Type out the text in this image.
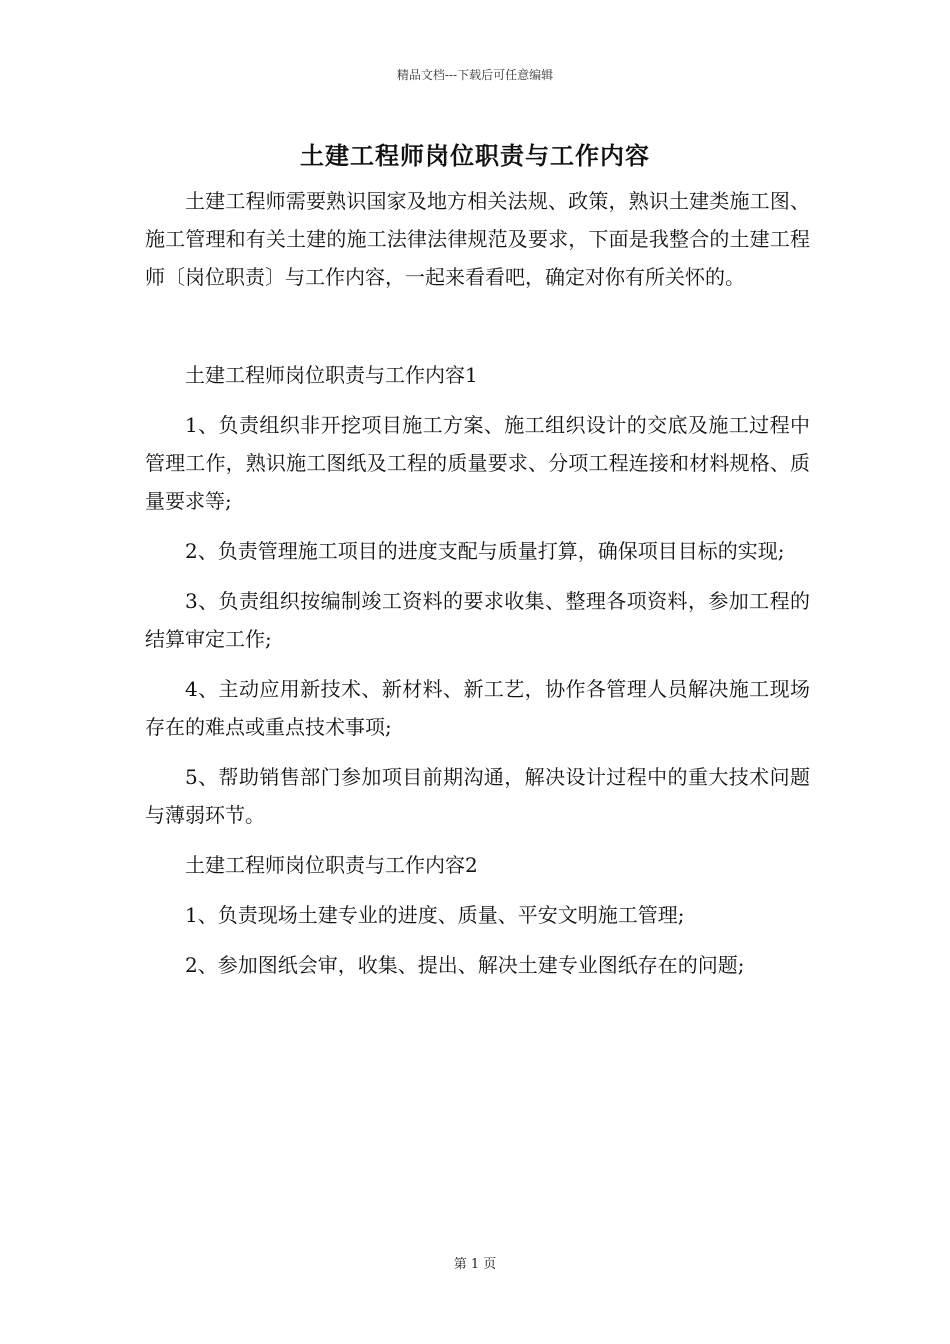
精品文档---下载后可任意编辑
土建工程师岗位职责与工作内容

土建工程师需要熟识国家及地方相关法规、政策，熟识土建类施工图、施工管理和有关土建的施工法律法律规范及要求，下面是我整合的土建工程师〔岗位职责〕与工作内容，一起来看看吧，确定对你有所关怀的。

土建工程师岗位职责与工作内容1

1、负责组织非开挖项目施工方案、施工组织设计的交底及施工过程中管理工作，熟识施工图纸及工程的质量要求、分项工程连接和材料规格、质量要求等;

2、负责管理施工项目的进度支配与质量打算，确保项目目标的实现;

3、负责组织按编制竣工资料的要求收集、整理各项资料，参加工程的结算审定工作;

4、主动应用新技术、新材料、新工艺，协作各管理人员解决施工现场存在的难点或重点技术事项;

5、帮助销售部门参加项目前期沟通，解决设计过程中的重大技术问题与薄弱环节。

土建工程师岗位职责与工作内容2

1、负责现场土建专业的进度、质量、平安文明施工管理;

2、参加图纸会审，收集、提出、解决土建专业图纸存在的问题;

第 1 页
